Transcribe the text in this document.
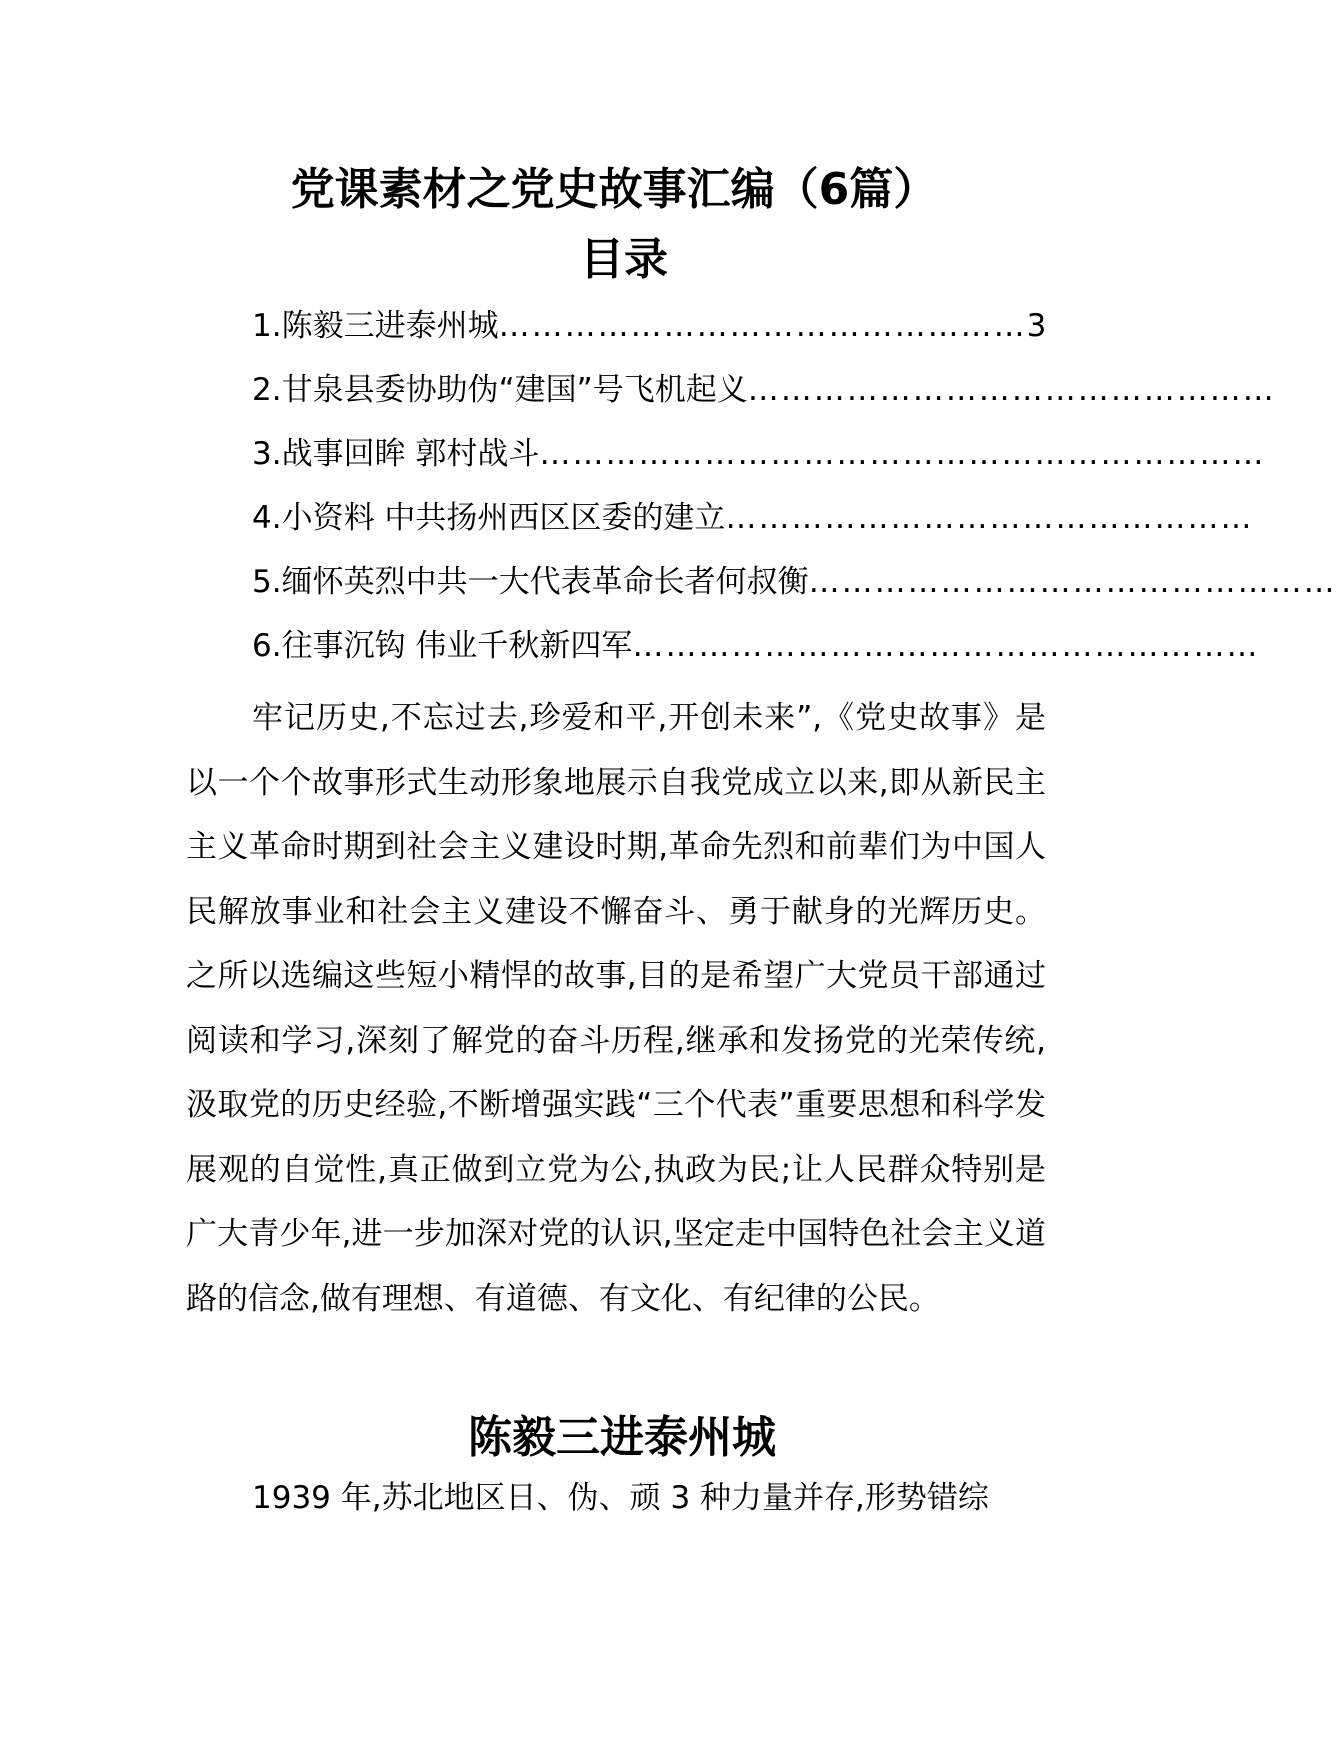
党课素材之党史故事汇编（6篇）
目录
1.陈毅三进泰州城…………………………………………3
2.甘泉县委协助伪“建国”号飞机起义…………………………………………
3.战事回眸 郭村战斗…………………………………………………………
4.小资料 中共扬州西区区委的建立…………………………………………
5.缅怀英烈中共一大代表革命长者何叔衡…………………………………………
6.往事沉钩 伟业千秋新四军…………………………………………………

牢记历史,不忘过去,珍爱和平,开创未来”,《党史故事》是以一个个故事形式生动形象地展示自我党成立以来,即从新民主主义革命时期到社会主义建设时期,革命先烈和前辈们为中国人民解放事业和社会主义建设不懈奋斗、勇于献身的光辉历史。之所以选编这些短小精悍的故事,目的是希望广大党员干部通过阅读和学习,深刻了解党的奋斗历程,继承和发扬党的光荣传统,汲取党的历史经验,不断增强实践“三个代表”重要思想和科学发展观的自觉性,真正做到立党为公,执政为民;让人民群众特别是广大青少年,进一步加深对党的认识,坚定走中国特色社会主义道路的信念,做有理想、有道德、有文化、有纪律的公民。

陈毅三进泰州城

1939 年,苏北地区日、伪、顽 3 种力量并存,形势错综
